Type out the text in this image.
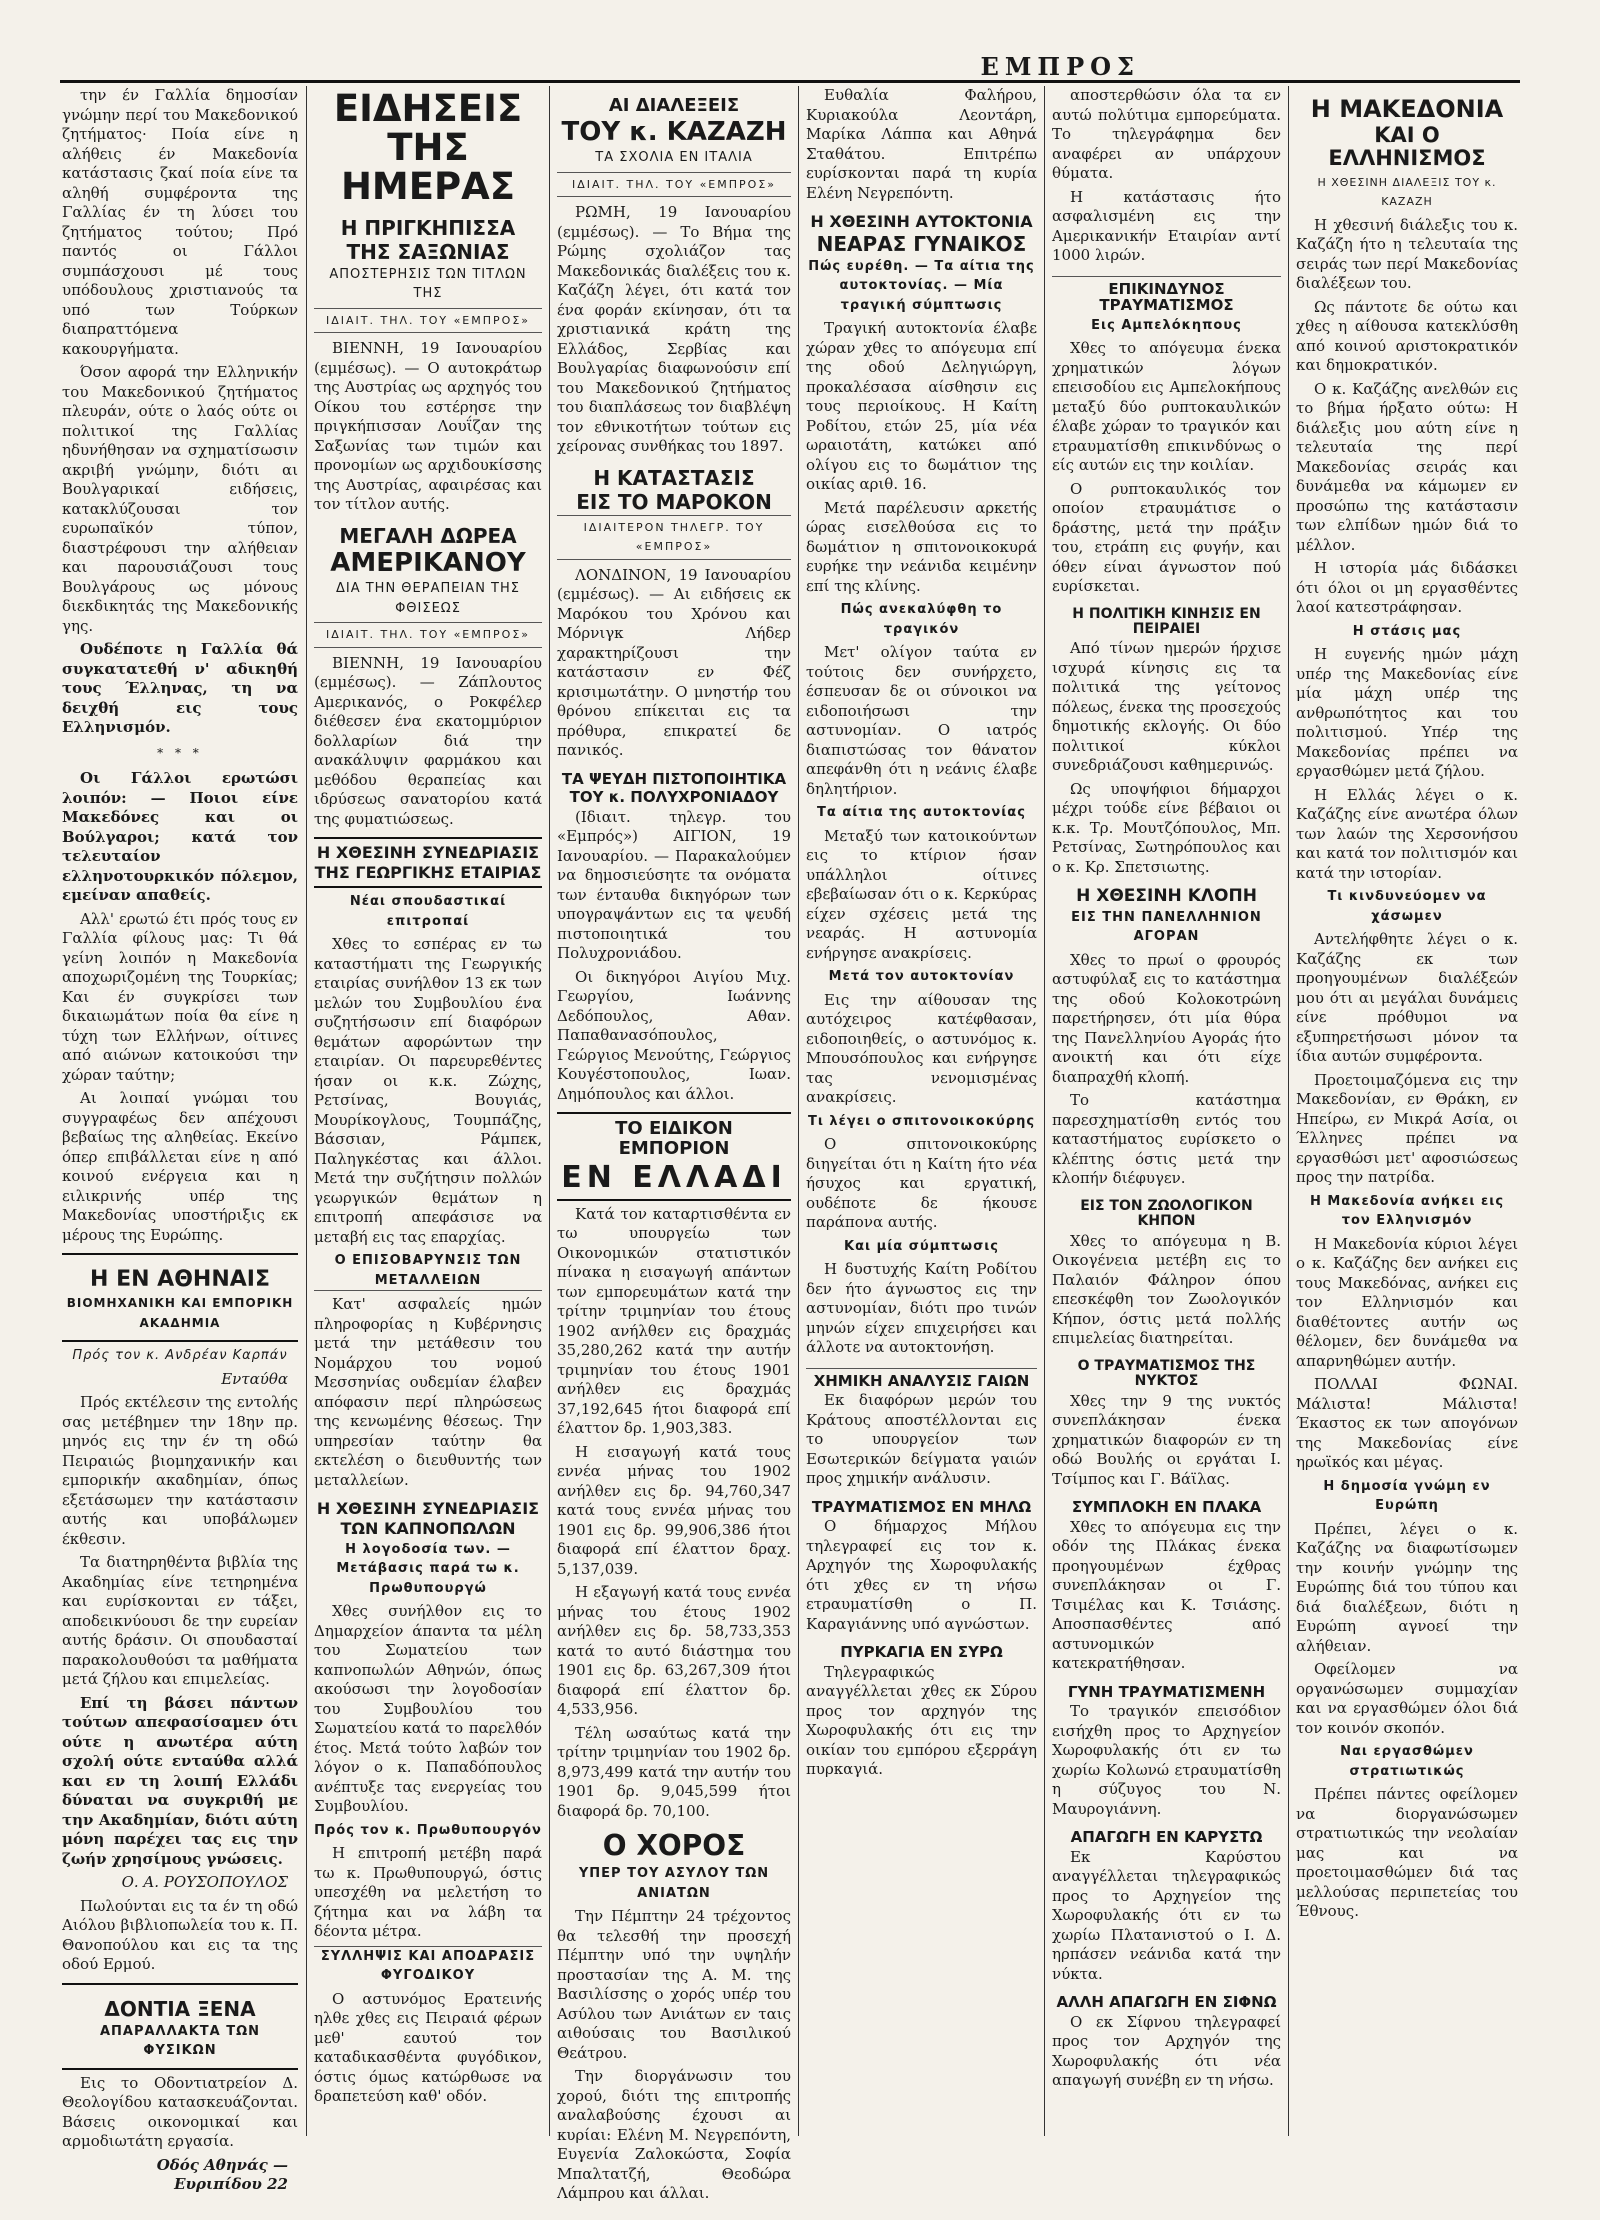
ΕΜΠΡΟΣ

την έν Γαλλία δημοσίαν γνώμην περί του Μακεδονικού ζητήματος· Ποία είνε η αλήθεις έν Μακεδονία κατάστασις ζκαί ποία είνε τα αληθή συμφέροντα της Γαλλίας έν τη λύσει του ζητήματος τούτου; Πρό παντός οι Γάλλοι συμπάσχουσι μέ τους υπόδουλους χριστιανούς τα υπό των Τούρκων διαπραττόμενα κακουργήματα.

Όσον αφορά την Ελληνικήν του Μακεδονικού ζητήματος πλευράν, ούτε ο λαός ούτε οι πολιτικοί της Γαλλίας ηδυνήθησαν να σχηματίσωσιν ακριβή γνώμην, διότι αι Βουλγαρικαί ειδήσεις, κατακλύζουσαι τον ευρωπαϊκόν τύπον, διαστρέφουσι την αλήθειαν και παρουσιάζουσι τους Βουλγάρους ως μόνους διεκδικητάς της Μακεδονικής γης.

Ουδέποτε η Γαλλία θά συγκατατεθή ν' αδικηθή τους Έλληνας, τη να δειχθή εις τους Ελληνισμόν.

* * *

Οι Γάλλοι ερωτώσι λοιπόν: — Ποιοι είνε Μακεδόνες και οι Βούλγαροι; κατά τον τελευταίον ελληνοτουρκικόν πόλεμον, εμείναν απαθείς.

Αλλ' ερωτώ έτι πρός τους εν Γαλλία φίλους μας: Τι θά γείνη λοιπόν η Μακεδονία αποχωριζομένη της Τουρκίας; Και έν συγκρίσει των δικαιωμάτων ποία θα είνε η τύχη των Ελλήνων, οίτινες από αιώνων κατοικούσι την χώραν ταύτην;

Αι λοιπαί γνώμαι του συγγραφέως δεν απέχουσι βεβαίως της αληθείας. Εκείνο όπερ επιβάλλεται είνε η από κοινού ενέργεια και η ειλικρινής υπέρ της Μακεδονίας υποστήριξις εκ μέρους της Ευρώπης.

Η ΕΝ ΑΘΗΝΑΙΣ
ΒΙΟΜΗΧΑΝΙΚΗ ΚΑΙ ΕΜΠΟΡΙΚΗ ΑΚΑΔΗΜΙΑ
Πρός τον κ. Ανδρέαν Καρπάν
Ενταύθα

Πρός εκτέλεσιν της εντολής σας μετέβημεν την 18ην πρ. μηνός εις την έν τη οδώ Πειραιώς βιομηχανικήν και εμπορικήν ακαδημίαν, όπως εξετάσωμεν την κατάστασιν αυτής και υποβάλωμεν έκθεσιν.

Τα διατηρηθέντα βιβλία της Ακαδημίας είνε τετηρημένα και ευρίσκονται εν τάξει, αποδεικνύουσι δε την ευρείαν αυτής δράσιν. Οι σπουδασταί παρακολουθούσι τα μαθήματα μετά ζήλου και επιμελείας.

Επί τη βάσει πάντων τούτων απεφασίσαμεν ότι ούτε η ανωτέρα αύτη σχολή ούτε ενταύθα αλλά και εν τη λοιπή Ελλάδι δύναται να συγκριθή με την Ακαδημίαν, διότι αύτη μόνη παρέχει τας εις την ζωήν χρησίμους γνώσεις.

Ο. Α. ΡΟΥΣΟΠΟΥΛΟΣ

Πωλούνται εις τα έν τη οδώ Αιόλου βιβλιοπωλεία του κ. Π. Θανοπούλου και εις τα της οδού Ερμού.

ΔΟΝΤΙΑ ΞΕΝΑ
ΑΠΑΡΑΛΛΑΚΤΑ ΤΩΝ ΦΥΣΙΚΩΝ

Εις το Οδοντιατρείον Δ. Θεολογίδου κατασκευάζονται. Βάσεις οικονομικαί και αρμοδιωτάτη εργασία.

Οδός Αθηνάς — Ευριπίδου 22
ΕΙΔΗΣΕΙΣ ΤΗΣ ΗΜΕΡΑΣ
Η ΠΡΙΓΚΗΠΙΣΣΑ
ΤΗΣ ΣΑΞΩΝΙΑΣ
ΑΠΟΣΤΕΡΗΣΙΣ ΤΩΝ ΤΙΤΛΩΝ ΤΗΣ
ΙΔΙΑΙΤ. ΤΗΛ. ΤΟΥ «ΕΜΠΡΟΣ»

ΒΙΕΝΝΗ, 19 Ιανουαρίου (εμμέσως). — Ο αυτοκράτωρ της Αυστρίας ως αρχηγός του Οίκου του εστέρησε την πριγκήπισσαν Λουΐζαν της Σαξωνίας των τιμών και προνομίων ως αρχιδουκίσσης της Αυστρίας, αφαιρέσας και τον τίτλον αυτής.

ΜΕΓΑΛΗ ΔΩΡΕΑ
ΑΜΕΡΙΚΑΝΟΥ
ΔΙΑ ΤΗΝ ΘΕΡΑΠΕΙΑΝ ΤΗΣ ΦΘΙΣΕΩΣ
ΙΔΙΑΙΤ. ΤΗΛ. ΤΟΥ «ΕΜΠΡΟΣ»

ΒΙΕΝΝΗ, 19 Ιανουαρίου (εμμέσως). — Ζάπλουτος Αμερικανός, ο Ροκφέλερ διέθεσεν ένα εκατομμύριον δολλαρίων διά την ανακάλυψιν φαρμάκου και μεθόδου θεραπείας και ιδρύσεως σανατορίου κατά της φυματιώσεως.

Η ΧΘΕΣΙΝΗ ΣΥΝΕΔΡΙΑΣΙΣ
ΤΗΣ ΓΕΩΡΓΙΚΗΣ ΕΤΑΙΡΙΑΣ
Νέαι σπουδαστικαί επιτροπαί

Χθες το εσπέρας εν τω καταστήματι της Γεωργικής εταιρίας συνήλθον 13 εκ των μελών του Συμβουλίου ένα συζητήσωσιν επί διαφόρων θεμάτων αφορώντων την εταιρίαν. Οι παρευρεθέντες ήσαν οι κ.κ. Ζώχης, Ρετσίνας, Βουγιάς, Μουρίκογλους, Τουμπάζης, Βάσσιαν, Ράμπεκ, Παληγκέστας και άλλοι. Μετά την συζήτησιν πολλών γεωργικών θεμάτων η επιτροπή απεφάσισε να μεταβή εις τας επαρχίας.

Ο ΕΠΙΣΟΒΑΡΥΝΣΙΣ ΤΩΝ ΜΕΤΑΛΛΕΙΩΝ

Κατ' ασφαλείς ημών πληροφορίας η Κυβέρνησις μετά την μετάθεσιν του Νομάρχου του νομού Μεσσηνίας ουδεμίαν έλαβεν απόφασιν περί πληρώσεως της κενωμένης θέσεως. Την υπηρεσίαν ταύτην θα εκτελέση ο διευθυντής των μεταλλείων.

Η ΧΘΕΣΙΝΗ ΣΥΝΕΔΡΙΑΣΙΣ
ΤΩΝ ΚΑΠΝΟΠΩΛΩΝ
Η λογοδοσία των. — Μετάβασις παρά τω κ. Πρωθυπουργώ

Χθες συνήλθον εις το Δημαρχείον άπαντα τα μέλη του Σωματείου των καπνοπωλών Αθηνών, όπως ακούσωσι την λογοδοσίαν του Συμβουλίου του Σωματείου κατά το παρελθόν έτος. Μετά τούτο λαβών τον λόγον ο κ. Παπαδόπουλος ανέπτυξε τας ενεργείας του Συμβουλίου.

Πρός τον κ. Πρωθυπουργόν

Η επιτροπή μετέβη παρά τω κ. Πρωθυπουργώ, όστις υπεσχέθη να μελετήση το ζήτημα και να λάβη τα δέοντα μέτρα.

ΣΥΛΛΗΨΙΣ ΚΑΙ ΑΠΟΔΡΑΣΙΣ ΦΥΓΟΔΙΚΟΥ

Ο αστυνόμος Ερατεινής ηλθε χθες εις Πειραιά φέρων μεθ' εαυτού τον καταδικασθέντα φυγόδικον, όστις όμως κατώρθωσε να δραπετεύση καθ' οδόν.

ΑΙ ΔΙΑΛΕΞΕΙΣ
ΤΟΥ κ. ΚΑΖΑΖΗ
ΤΑ ΣΧΟΛΙΑ ΕΝ ΙΤΑΛΙΑ
ΙΔΙΑΙΤ. ΤΗΛ. ΤΟΥ «ΕΜΠΡΟΣ»

ΡΩΜΗ, 19 Ιανουαρίου (εμμέσως). — Το Βήμα της Ρώμης σχολιάζον τας Μακεδονικάς διαλέξεις του κ. Καζάζη λέγει, ότι κατά τον ένα φοράν εκίνησαν, ότι τα χριστιανικά κράτη της Ελλάδος, Σερβίας και Βουλγαρίας διαφωνούσιν επί του Μακεδονικού ζητήματος του διαπλάσεως τον διαβλέψη τον εθνικοτήτων τούτων εις χείρονας συνθήκας του 1897.

Η ΚΑΤΑΣΤΑΣΙΣ
ΕΙΣ ΤΟ ΜΑΡΟΚΟΝ
ΙΔΙΑΙΤΕΡΟΝ ΤΗΛΕΓΡ. ΤΟΥ «ΕΜΠΡΟΣ»

ΛΟΝΔΙΝΟΝ, 19 Ιανουαρίου (εμμέσως). — Αι ειδήσεις εκ Μαρόκου του Χρόνου και Μόρνιγκ Λήδερ χαρακτηρίζουσι την κατάστασιν εν Φέζ κρισιμωτάτην. Ο μνηστήρ του θρόνου επίκειται εις τα πρόθυρα, επικρατεί δε πανικός.

ΤΑ ΨΕΥΔΗ ΠΙΣΤΟΠΟΙΗΤΙΚΑ
ΤΟΥ κ. ΠΟΛΥΧΡΟΝΙΑΔΟΥ

(Ιδιαιτ. τηλεγρ. του «Εμπρός») ΑΙΓΙΟΝ, 19 Ιανουαρίου. — Παρακαλούμεν να δημοσιεύσητε τα ονόματα των ένταυθα δικηγόρων των υπογραψάντων εις τα ψευδή πιστοποιητικά του Πολυχρονιάδου.

Οι δικηγόροι Αιγίου Μιχ. Γεωργίου, Ιωάννης Δεδόπουλος, Αθαν. Παπαθανασόπουλος, Γεώργιος Μενούτης, Γεώργιος Κουγέστοπουλος, Ιωαν. Δημόπουλος και άλλοι.

ΤΟ ΕΙΔΙΚΟΝ ΕΜΠΟΡΙΟΝ
ΕΝ ΕΛΛΑΔΙ

Κατά τον καταρτισθέντα εν τω υπουργείω των Οικονομικών στατιστικόν πίνακα η εισαγωγή απάντων των εμπορευμάτων κατά την τρίτην τριμηνίαν του έτους 1902 ανήλθεν εις δραχμάς 35,280,262 κατά την αυτήν τριμηνίαν του έτους 1901 ανήλθεν εις δραχμάς 37,192,645 ήτοι διαφορά επί έλαττον δρ. 1,903,383.

Η εισαγωγή κατά τους εννέα μήνας του 1902 ανήλθεν εις δρ. 94,760,347 κατά τους εννέα μήνας του 1901 εις δρ. 99,906,386 ήτοι διαφορά επί έλαττον δραχ. 5,137,039.

Η εξαγωγή κατά τους εννέα μήνας του έτους 1902 ανήλθεν εις δρ. 58,733,353 κατά το αυτό διάστημα του 1901 εις δρ. 63,267,309 ήτοι διαφορά επί έλαττον δρ. 4,533,956.

Τέλη ωσαύτως κατά την τρίτην τριμηνίαν του 1902 δρ. 8,973,499 κατά την αυτήν του 1901 δρ. 9,045,599 ήτοι διαφορά δρ. 70,100.

Ο ΧΟΡΟΣ
ΥΠΕΡ ΤΟΥ ΑΣΥΛΟΥ ΤΩΝ ΑΝΙΑΤΩΝ

Την Πέμπτην 24 τρέχοντος θα τελεσθή την προσεχή Πέμπτην υπό την υψηλήν προστασίαν της Α. Μ. της Βασιλίσσης ο χορός υπέρ του Ασύλου των Ανιάτων εν ταις αιθούσαις του Βασιλικού Θεάτρου.

Την διοργάνωσιν του χορού, διότι της επιτροπής αναλαβούσης έχουσι αι κυρίαι: Ελένη Μ. Νεγρεπόντη, Ευγενία Ζαλοκώστα, Σοφία Μπαλτατζή, Θεοδώρα Λάμπρου και άλλαι.

Ευθαλία Φαλήρου, Κυριακούλα Λεοντάρη, Μαρίκα Λάππα και Αθηνά Σταθάτου. Επιτρέπω ευρίσκονται παρά τη κυρία Ελένη Νεγρεπόντη.

Η ΧΘΕΣΙΝΗ ΑΥΤΟΚΤΟΝΙΑ
ΝΕΑΡΑΣ ΓΥΝΑΙΚΟΣ
Πώς ευρέθη. — Τα αίτια της αυτοκτονίας. — Μία τραγική σύμπτωσις

Τραγική αυτοκτονία έλαβε χώραν χθες το απόγευμα επί της οδού Δεληγιώργη, προκαλέσασα αίσθησιν εις τους περιοίκους. Η Καίτη Ροδίτου, ετών 25, μία νέα ωραιοτάτη, κατώκει από ολίγου εις το δωμάτιον της οικίας αριθ. 16.

Μετά παρέλευσιν αρκετής ώρας εισελθούσα εις το δωμάτιον η σπιτονοικοκυρά ευρήκε την νεάνιδα κειμένην επί της κλίνης.

Πώς ανεκαλύφθη το τραγικόν

Μετ' ολίγον ταύτα εν τούτοις δεν συνήρχετο, έσπευσαν δε οι σύνοικοι να ειδοποιήσωσι την αστυνομίαν. Ο ιατρός διαπιστώσας τον θάνατον απεφάνθη ότι η νεάνις έλαβε δηλητήριον.

Τα αίτια της αυτοκτονίας

Μεταξύ των κατοικούντων εις το κτίριον ήσαν υπάλληλοι οίτινες εβεβαίωσαν ότι ο κ. Κερκύρας είχεν σχέσεις μετά της νεαράς. Η αστυνομία ενήργησε ανακρίσεις.

Μετά τον αυτοκτονίαν

Εις την αίθουσαν της αυτόχειρος κατέφθασαν, ειδοποιηθείς, ο αστυνόμος κ. Μπουσόπουλος και ενήργησε τας νενομισμένας ανακρίσεις.

Τι λέγει ο σπιτονοικοκύρης

Ο σπιτονοικοκύρης διηγείται ότι η Καίτη ήτο νέα ήσυχος και εργατική, ουδέποτε δε ήκουσε παράπονα αυτής.

Και μία σύμπτωσις

Η δυστυχής Καίτη Ροδίτου δεν ήτο άγνωστος εις την αστυνομίαν, διότι προ τινών μηνών είχεν επιχειρήσει και άλλοτε να αυτοκτονήση.

ΧΗΜΙΚΗ ΑΝΑΛΥΣΙΣ ΓΑΙΩΝ

Εκ διαφόρων μερών του Κράτους αποστέλλονται εις το υπουργείον των Εσωτερικών δείγματα γαιών προς χημικήν ανάλυσιν.

ΤΡΑΥΜΑΤΙΣΜΟΣ ΕΝ ΜΗΛΩ

Ο δήμαρχος Μήλου τηλεγραφεί εις τον κ. Αρχηγόν της Χωροφυλακής ότι χθες εν τη νήσω ετραυματίσθη ο Π. Καραγιάννης υπό αγνώστων.

ΠΥΡΚΑΓΙΑ ΕΝ ΣΥΡΩ

Τηλεγραφικώς αναγγέλλεται χθες εκ Σύρου προς τον αρχηγόν της Χωροφυλακής ότι εις την οικίαν του εμπόρου εξερράγη πυρκαγιά.

αποστερθώσιν όλα τα εν αυτώ πολύτιμα εμπορεύματα. Το τηλεγράφημα δεν αναφέρει αν υπάρχουν θύματα.

Η κατάστασις ήτο ασφαλισμένη εις την Αμερικανικήν Εταιρίαν αντί 1000 λιρών.

ΕΠΙΚΙΝΔΥΝΟΣ ΤΡΑΥΜΑΤΙΣΜΟΣ
Εις Αμπελόκηπους

Χθες το απόγευμα ένεκα χρηματικών λόγων επεισοδίου εις Αμπελοκήπους μεταξύ δύο ρυπτοκαυλικών έλαβε χώραν το τραγικόν και ετραυματίσθη επικινδύνως ο είς αυτών εις την κοιλίαν.

Ο ρυπτοκαυλικός τον οποίον ετραυμάτισε ο δράστης, μετά την πράξιν του, ετράπη εις φυγήν, και όθεν είναι άγνωστον πού ευρίσκεται.

Η ΠΟΛΙΤΙΚΗ ΚΙΝΗΣΙΣ ΕΝ ΠΕΙΡΑΙΕΙ

Από τίνων ημερών ήρχισε ισχυρά κίνησις εις τα πολιτικά της γείτονος πόλεως, ένεκα της προσεχούς δημοτικής εκλογής. Οι δύο πολιτικοί κύκλοι συνεδριάζουσι καθημερινώς.

Ως υποψήφιοι δήμαρχοι μέχρι τούδε είνε βέβαιοι οι κ.κ. Τρ. Μουτζόπουλος, Μπ. Ρετσίνας, Σωτηρόπουλος και ο κ. Κρ. Σπετσιωτης.

Η ΧΘΕΣΙΝΗ ΚΛΟΠΗ
ΕΙΣ ΤΗΝ ΠΑΝΕΛΛΗΝΙΟΝ ΑΓΟΡΑΝ

Χθες το πρωί ο φρουρός αστυφύλαξ εις το κατάστημα της οδού Κολοκοτρώνη παρετήρησεν, ότι μία θύρα της Πανελληνίου Αγοράς ήτο ανοικτή και ότι είχε διαπραχθή κλοπή.

Το κατάστημα παρεσχηματίσθη εντός του καταστήματος ευρίσκετο ο κλέπτης όστις μετά την κλοπήν διέφυγεν.

ΕΙΣ ΤΟΝ ΖΩΟΛΟΓΙΚΟΝ ΚΗΠΟΝ

Χθες το απόγευμα η Β. Οικογένεια μετέβη εις το Παλαιόν Φάληρον όπου επεσκέφθη τον Ζωολογικόν Κήπον, όστις μετά πολλής επιμελείας διατηρείται.

Ο ΤΡΑΥΜΑΤΙΣΜΟΣ ΤΗΣ ΝΥΚΤΟΣ

Χθες την 9 της νυκτός συνεπλάκησαν ένεκα χρηματικών διαφορών εν τη οδώ Βουλής οι εργάται Ι. Τσίμπος και Γ. Βάϊλας.

ΣΥΜΠΛΟΚΗ ΕΝ ΠΛΑΚΑ

Χθες το απόγευμα εις την οδόν της Πλάκας ένεκα προηγουμένων έχθρας συνεπλάκησαν οι Γ. Τσιμέλας και Κ. Τσιάσης. Αποσπασθέντες από αστυνομικών κατεκρατήθησαν.

ΓΥΝΗ ΤΡΑΥΜΑΤΙΣΜΕΝΗ

Το τραγικόν επεισόδιον εισήχθη προς το Αρχηγείον Χωροφυλακής ότι εν τω χωρίω Κολωνώ ετραυματίσθη η σύζυγος του Ν. Μαυρογιάννη.

ΑΠΑΓΩΓΗ ΕΝ ΚΑΡΥΣΤΩ

Εκ Καρύστου αναγγέλλεται τηλεγραφικώς προς το Αρχηγείον της Χωροφυλακής ότι εν τω χωρίω Πλατανιστού ο Ι. Δ. ηρπάσεν νεάνιδα κατά την νύκτα.

ΑΛΛΗ ΑΠΑΓΩΓΗ ΕΝ ΣΙΦΝΩ

Ο εκ Σίφνου τηλεγραφεί προς τον Αρχηγόν της Χωροφυλακής ότι νέα απαγωγή συνέβη εν τη νήσω.

Η ΜΑΚΕΔΟΝΙΑ
ΚΑΙ Ο ΕΛΛΗΝΙΣΜΟΣ
Η ΧΘΕΣΙΝΗ ΔΙΑΛΕΞΙΣ ΤΟΥ κ. ΚΑΖΑΖΗ

Η χθεσινή διάλεξις του κ. Καζάζη ήτο η τελευταία της σειράς των περί Μακεδονίας διαλέξεων του.

Ως πάντοτε δε ούτω και χθες η αίθουσα κατεκλύσθη από κοινού αριστοκρατικόν και δημοκρατικόν.

Ο κ. Καζάζης ανελθών εις το βήμα ήρξατο ούτω: Η διάλεξις μου αύτη είνε η τελευταία της περί Μακεδονίας σειράς και δυνάμεθα να κάμωμεν εν προσώπω της κατάστασιν των ελπίδων ημών διά το μέλλον.

Η ιστορία μάς διδάσκει ότι όλοι οι μη εργασθέντες λαοί κατεστράφησαν.

Η στάσις μας

Η ευγενής ημών μάχη υπέρ της Μακεδονίας είνε μία μάχη υπέρ της ανθρωπότητος και του πολιτισμού. Υπέρ της Μακεδονίας πρέπει να εργασθώμεν μετά ζήλου.

Η Ελλάς λέγει ο κ. Καζάζης είνε ανωτέρα όλων των λαών της Χερσονήσου και κατά τον πολιτισμόν και κατά την ιστορίαν.

Τι κινδυνεύομεν να χάσωμεν

Αντελήφθητε λέγει ο κ. Καζάζης εκ των προηγουμένων διαλέξεών μου ότι αι μεγάλαι δυνάμεις είνε πρόθυμοι να εξυπηρετήσωσι μόνον τα ίδια αυτών συμφέροντα.

Προετοιμαζόμενα εις την Μακεδονίαν, εν Θράκη, εν Ηπείρω, εν Μικρά Ασία, οι Έλληνες πρέπει να εργασθώσι μετ' αφοσιώσεως προς την πατρίδα.

Η Μακεδονία ανήκει εις τον Ελληνισμόν

Η Μακεδονία κύριοι λέγει ο κ. Καζάζης δεν ανήκει εις τους Μακεδόνας, ανήκει εις τον Ελληνισμόν και διαθέτοντες αυτήν ως θέλομεν, δεν δυνάμεθα να απαρνηθώμεν αυτήν.

ΠΟΛΛΑΙ ΦΩΝΑΙ. Μάλιστα! Μάλιστα! Έκαστος εκ των απογόνων της Μακεδονίας είνε ηρωϊκός και μέγας.

Η δημοσία γνώμη εν Ευρώπη

Πρέπει, λέγει ο κ. Καζάζης να διαφωτίσωμεν την κοινήν γνώμην της Ευρώπης διά του τύπου και διά διαλέξεων, διότι η Ευρώπη αγνοεί την αλήθειαν.

Οφείλομεν να οργανώσωμεν συμμαχίαν και να εργασθώμεν όλοι διά τον κοινόν σκοπόν.

Ναι εργασθώμεν στρατιωτικώς

Πρέπει πάντες οφείλομεν να διοργανώσωμεν στρατιωτικώς την νεολαίαν μας και να προετοιμασθώμεν διά τας μελλούσας περιπετείας του Έθνους.
